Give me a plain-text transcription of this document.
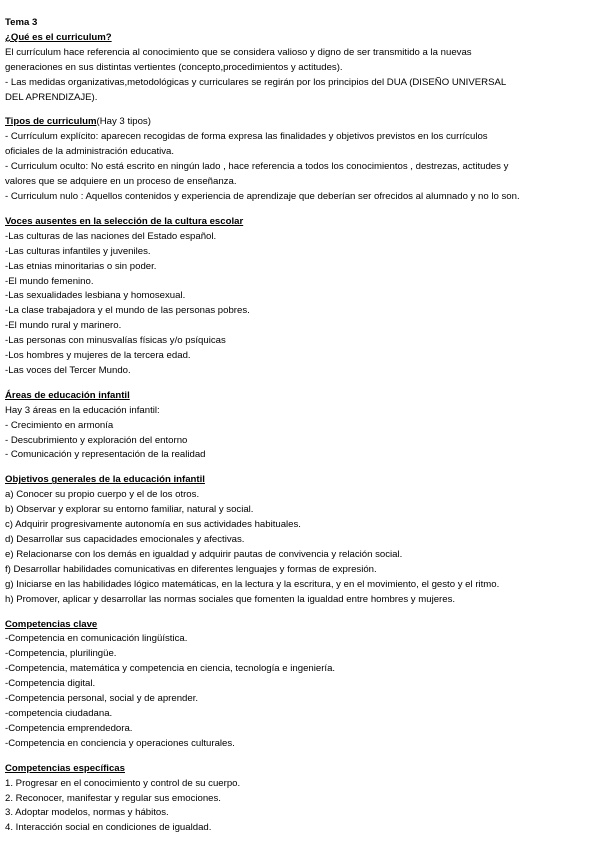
Tema 3
¿Qué es el curriculum?
El currículum hace referencia al conocimiento que se considera valioso y digno de ser transmitido a la nuevas
generaciones en sus distintas vertientes (concepto,procedimientos y actitudes).
- Las medidas organizativas,metodológicas y curriculares se regirán por los principios del DUA (DISEÑO UNIVERSAL
DEL APRENDIZAJE).
Tipos de curriculum(Hay 3 tipos)
- Currículum explícito: aparecen recogidas de forma expresa las finalidades y objetivos previstos en los currículos
oficiales de la administración educativa.
- Curriculum oculto: No está escrito en ningún lado , hace referencia a todos los conocimientos , destrezas, actitudes y
valores que se adquiere en un proceso de enseñanza.
- Curriculum nulo : Aquellos contenidos y experiencia de aprendizaje que deberían ser ofrecidos al alumnado y no lo son.
Voces ausentes en la selección de la cultura escolar
-Las culturas de las naciones del Estado español.
-Las culturas infantiles y juveniles.
-Las etnias minoritarias o sin poder.
-El mundo femenino.
-Las sexualidades lesbiana y homosexual.
-La clase trabajadora y el mundo de las personas pobres.
-El mundo rural y marinero.
-Las personas con minusvalías físicas y/o psíquicas
-Los hombres y mujeres de la tercera edad.
-Las voces del Tercer Mundo.
Áreas de educación infantil
Hay 3 áreas en la educación infantil:
- Crecimiento en armonía
- Descubrimiento y exploración del entorno
- Comunicación y representación de la realidad
Objetivos generales de la educación infantil
a) Conocer su propio cuerpo y el de los otros.
b) Observar y explorar su entorno familiar, natural y social.
c) Adquirir progresivamente autonomía en sus actividades habituales.
d) Desarrollar sus capacidades emocionales y afectivas.
e) Relacionarse con los demás en igualdad y adquirir pautas de convivencia y relación social.
f) Desarrollar habilidades comunicativas en diferentes lenguajes y formas de expresión.
g) Iniciarse en las habilidades lógico matemáticas, en la lectura y la escritura, y en el movimiento, el gesto y el ritmo.
h) Promover, aplicar y desarrollar las normas sociales que fomenten la igualdad entre hombres y mujeres.
Competencias clave
-Competencia en comunicación lingüística.
-Competencia, plurilingüe.
-Competencia, matemática y competencia en ciencia, tecnología e ingeniería.
-Competencia digital.
-Competencia personal, social y de aprender.
-competencia ciudadana.
-Competencia emprendedora.
-Competencia en conciencia y operaciones culturales.
Competencias específicas
1. Progresar en el conocimiento y control de su cuerpo.
2. Reconocer, manifestar y regular sus emociones.
3. Adoptar modelos, normas y hábitos.
4. Interacción social en condiciones de igualdad.
